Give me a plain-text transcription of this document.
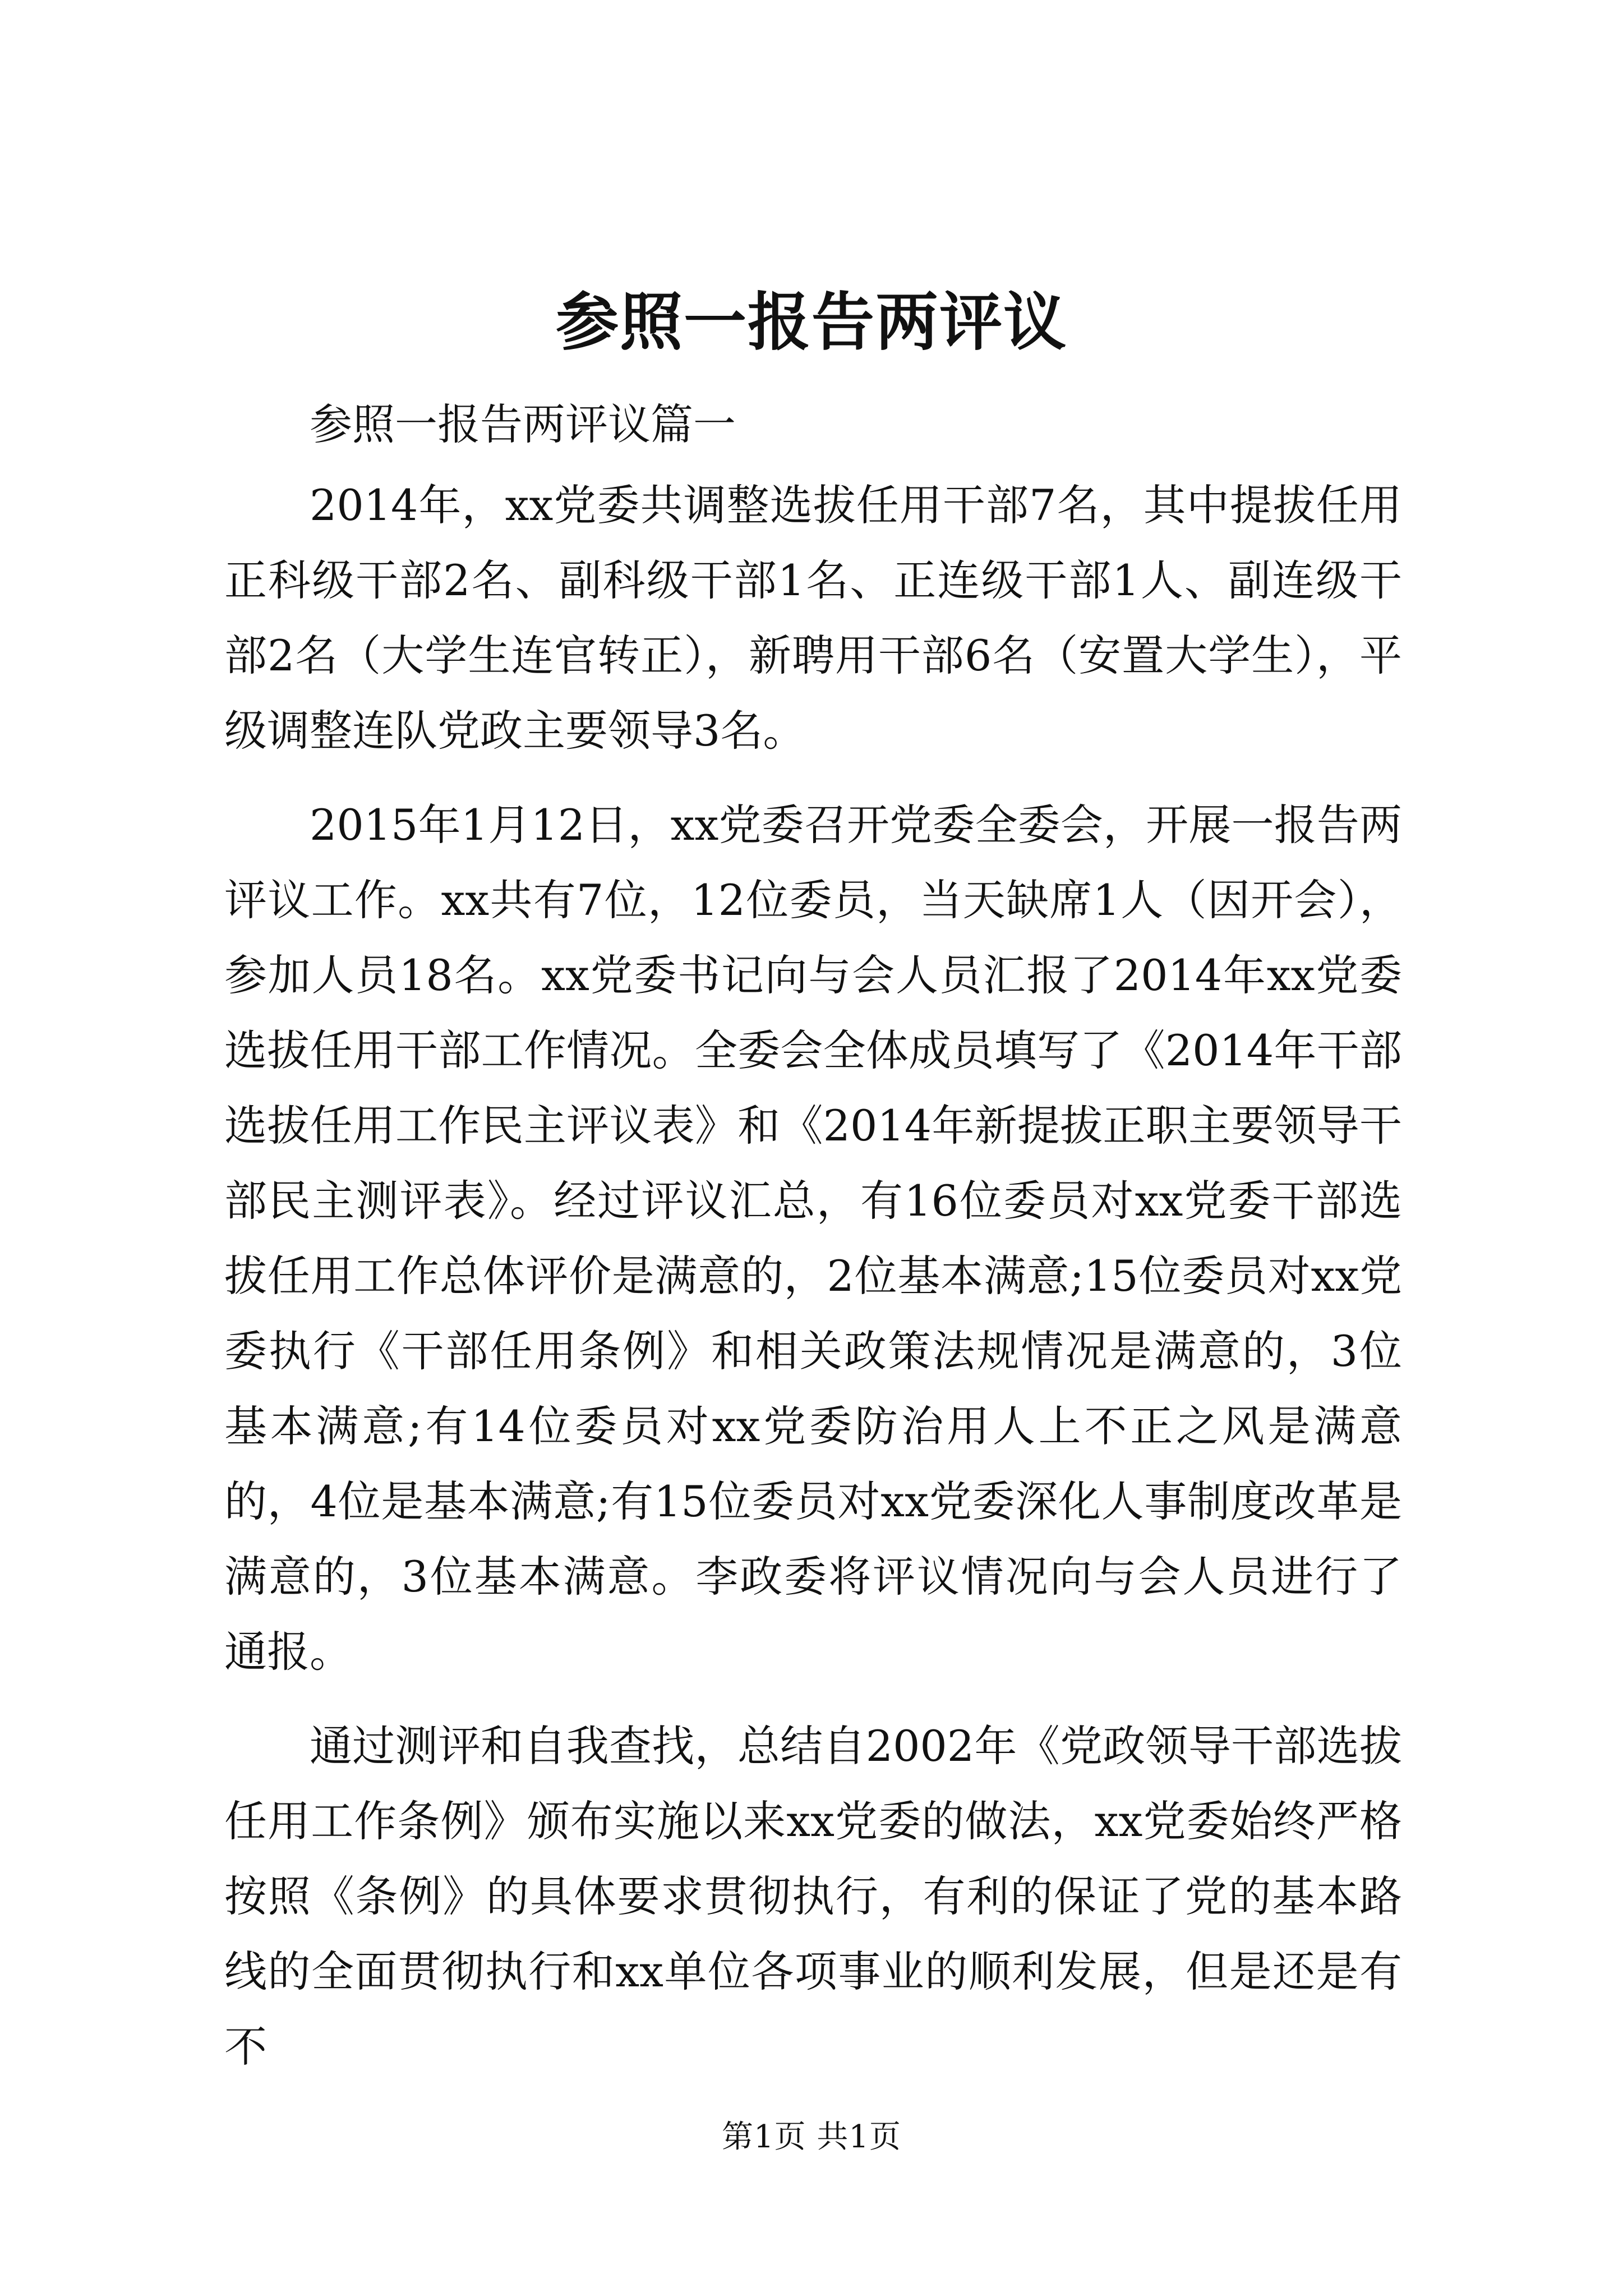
参照一报告两评议

参照一报告两评议篇一

2014年，xx党委共调整选拔任用干部7名，其中提拔任用正科级干部2名、副科级干部1名、正连级干部1人、副连级干部2名（大学生连官转正），新聘用干部6名（安置大学生），平级调整连队党政主要领导3名。

2015年1月12日，xx党委召开党委全委会，开展一报告两评议工作。xx共有7位，12位委员，当天缺席1人（因开会），参加人员18名。xx党委书记向与会人员汇报了2014年xx党委选拔任用干部工作情况。全委会全体成员填写了《2014年干部选拔任用工作民主评议表》和《2014年新提拔正职主要领导干部民主测评表》。经过评议汇总，有16位委员对xx党委干部选拔任用工作总体评价是满意的，2位基本满意;15位委员对xx党委执行《干部任用条例》和相关政策法规情况是满意的，3位基本满意;有14位委员对xx党委防治用人上不正之风是满意的，4位是基本满意;有15位委员对xx党委深化人事制度改革是满意的，3位基本满意。李政委将评议情况向与会人员进行了通报。

通过测评和自我查找，总结自2002年《党政领导干部选拔任用工作条例》颁布实施以来xx党委的做法，xx党委始终严格按照《条例》的具体要求贯彻执行，有利的保证了党的基本路线的全面贯彻执行和xx单位各项事业的顺利发展，但是还是有不

第1页 共1页
